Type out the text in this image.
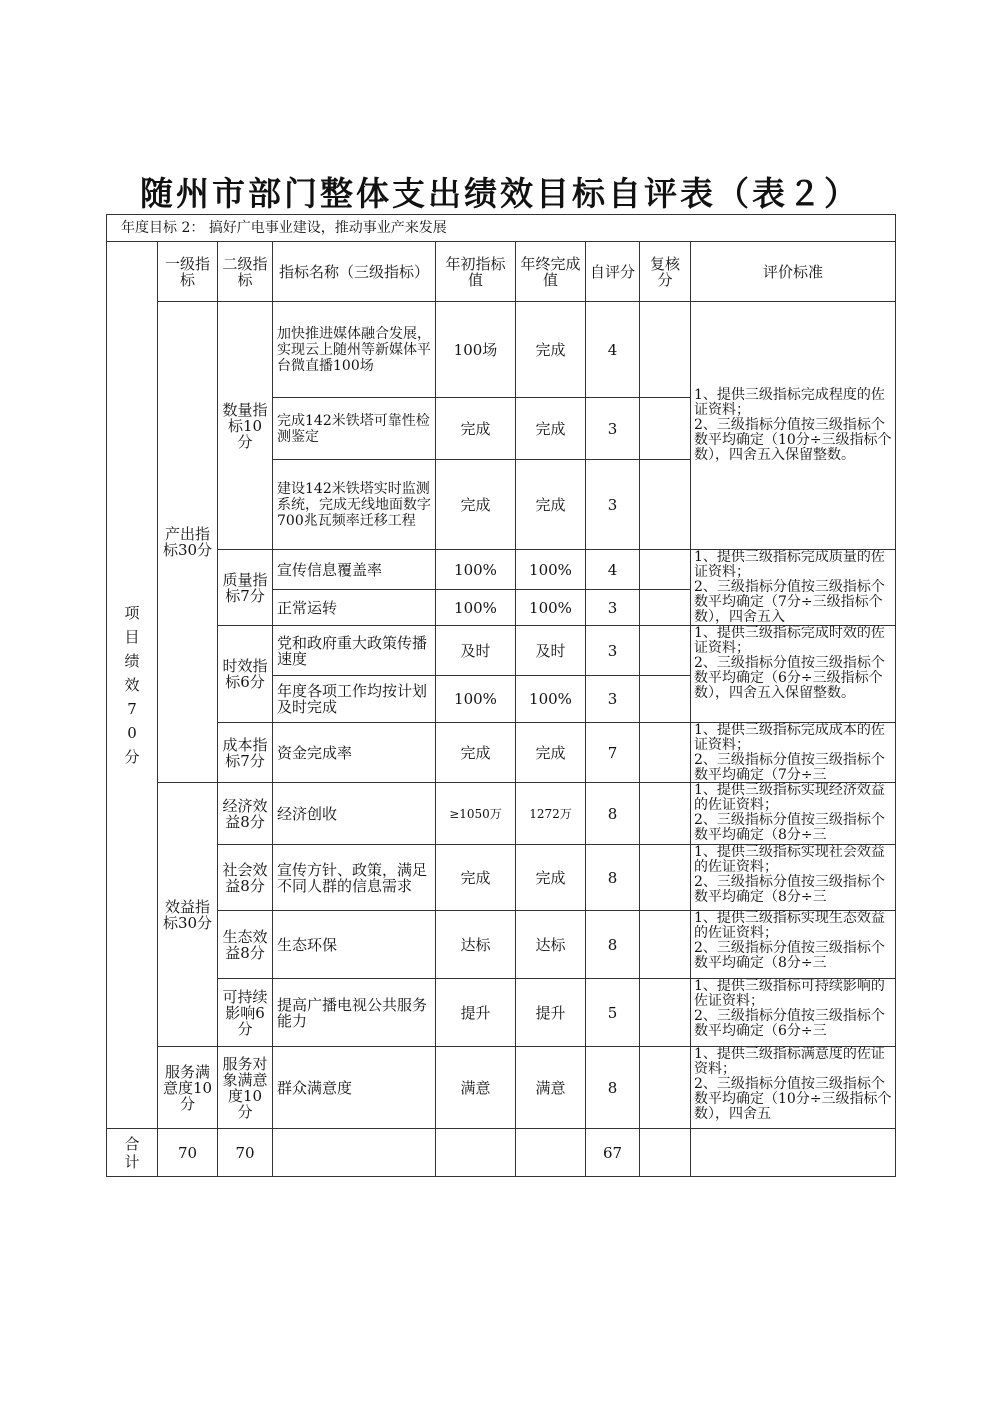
随州市部门整体支出绩效目标自评表（表２）
年度目标 2： 搞好广电事业建设，推动事业产来发展								

项目绩效70分	一级指标	二级指标	指标名称（三级指标）	年初指标值	年终完成值	自评分	复核分	评价标准
	产出指标30分	数量指标10分	加快推进媒体融合发展，实现云上随州等新媒体平台微直播100场	100场	完成	4		1、提供三级指标完成程度的佐证资料；
2、三级指标分值按三级指标个数平均确定（10分÷三级指标个数），四舍五入保留整数。

			完成142米铁塔可靠性检测鉴定	完成	完成	3		
			建设142米铁塔实时监测系统，完成无线地面数字700兆瓦频率迁移工程	完成	完成	3		
		质量指标7分	宣传信息覆盖率	100%	100%	4		1、提供三级指标完成质量的佐证资料；
2、三级指标分值按三级指标个数平均确定（7分÷三级指标个数），四舍五入

			正常运转	100%	100%	3		
		时效指标6分	党和政府重大政策传播速度	及时	及时	3		1、提供三级指标完成时效的佐证资料；
2、三级指标分值按三级指标个数平均确定（6分÷三级指标个数），四舍五入保留整数。

			年度各项工作均按计划及时完成	100%	100%	3		
		成本指标7分	资金完成率	完成	完成	7		1、提供三级指标完成成本的佐证资料；
2、三级指标分值按三级指标个数平均确定（7分÷三

	效益指标30分	经济效益8分	经济创收	≥1050万	1272万	8		1、提供三级指标实现经济效益的佐证资料；
2、三级指标分值按三级指标个数平均确定（8分÷三

		社会效益8分	宣传方针、政策，满足不同人群的信息需求	完成	完成	8		1、提供三级指标实现社会效益的佐证资料；
2、三级指标分值按三级指标个数平均确定（8分÷三

		生态效益8分	生态环保	达标	达标	8		1、提供三级指标实现生态效益的佐证资料；
2、三级指标分值按三级指标个数平均确定（8分÷三

		可持续影响6分	提高广播电视公共服务能力	提升	提升	5		1、提供三级指标可持续影响的佐证资料；
2、三级指标分值按三级指标个数平均确定（6分÷三

	服务满意度10分	服务对象满意度10分	群众满意度	满意	满意	8		1、提供三级指标满意度的佐证资料；
2、三级指标分值按三级指标个数平均确定（10分÷三级指标个数），四舍五

合计	70	70				67		
